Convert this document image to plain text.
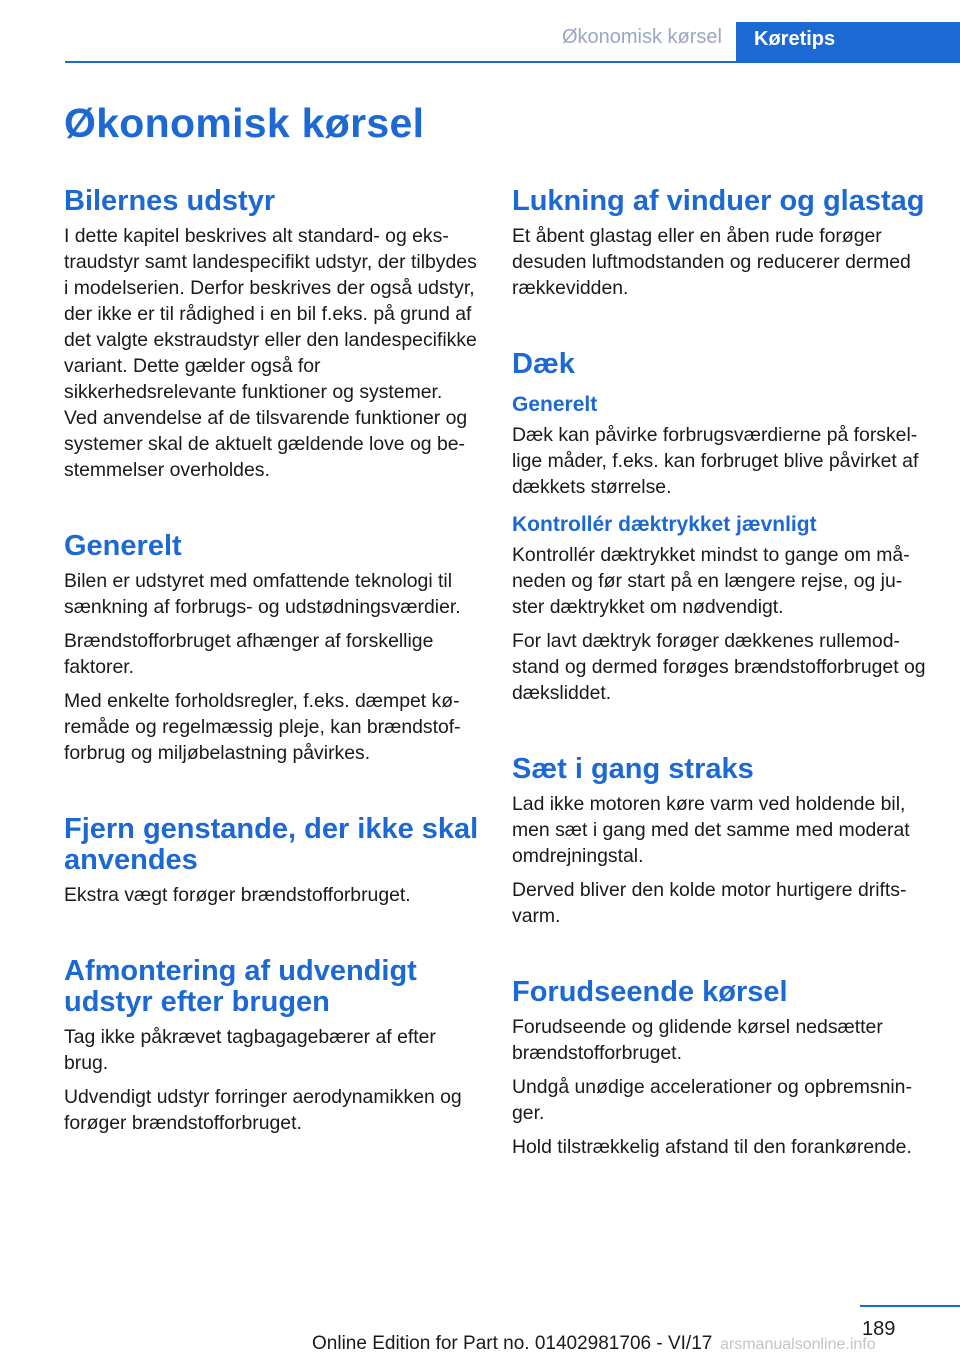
Økonomisk kørsel	Køretips
Økonomisk kørsel
Bilernes udstyr

I dette kapitel beskrives alt standard- og ekstraudstyr samt landespecifikt udstyr, der tilbydes i modelserien. Derfor beskrives der også udstyr, der ikke er til rådighed i en bil f.eks. på grund af det valgte ekstraudstyr eller den landespecifikke variant. Dette gælder også for sikkerhedsrelevante funktioner og systemer. Ved anvendelse af de tilsvarende funktioner og systemer skal de aktuelt gældende love og bestemmelser overholdes.

Generelt

Bilen er udstyret med omfattende teknologi til sænkning af forbrugs- og udstødningsværdier.

Brændstofforbruget afhænger af forskellige faktorer.

Med enkelte forholdsregler, f.eks. dæmpet køremåde og regelmæssig pleje, kan brændstofforbrug og miljøbelastning påvirkes.

Fjern genstande, der ikke skal anvendes

Ekstra vægt forøger brændstofforbruget.

Afmontering af udvendigt udstyr efter brugen

Tag ikke påkrævet tagbagagebærer af efter brug.

Udvendigt udstyr forringer aerodynamikken og forøger brændstofforbruget.

Lukning af vinduer og glastag

Et åbent glastag eller en åben rude forøger desuden luftmodstanden og reducerer dermed rækkevidden.

Dæk
Generelt

Dæk kan påvirke forbrugsværdierne på forskellige måder, f.eks. kan forbruget blive påvirket af dækkets størrelse.

Kontrollér dæktrykket jævnligt

Kontrollér dæktrykket mindst to gange om måneden og før start på en længere rejse, og juster dæktrykket om nødvendigt.

For lavt dæktryk forøger dækkenes rullemodstand og dermed forøges brændstofforbruget og dæksliddet.

Sæt i gang straks

Lad ikke motoren køre varm ved holdende bil, men sæt i gang med det samme med moderat omdrejningstal.

Derved bliver den kolde motor hurtigere driftsvarm.

Forudseende kørsel

Forudseende og glidende kørsel nedsætter brændstofforbruget.

Undgå unødige accelerationer og opbremsninger.

Hold tilstrækkelig afstand til den forankørende.

189
Online Edition for Part no. 01402981706 - VI/17 arsmanualsonline.info
